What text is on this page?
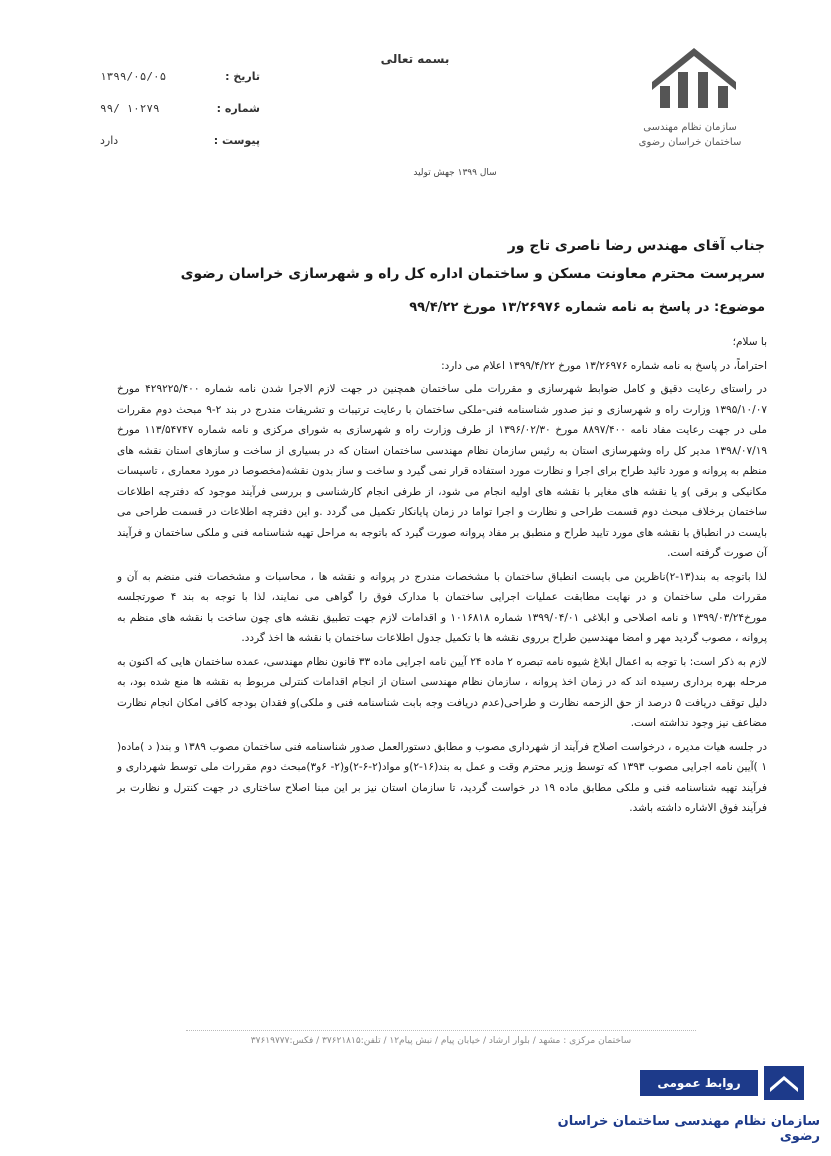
سازمان نظام مهندسی
ساختمان خراسان رضوی
بسمه تعالی
تاریخ :
۱۳۹۹/۰۵/۰۵
شماره :
۹۹/ ۱۰۲۷۹
پیوست :
دارد
سال ۱۳۹۹ جهش تولید
جناب آقای مهندس رضا ناصری تاج ور
سرپرست محترم معاونت مسکن و ساختمان اداره کل راه و شهرسازی خراسان رضوی
موضوع: در پاسخ به نامه شماره ۱۳/۲۶۹۷۶ مورخ ۹۹/۴/۲۲

با سلام؛

احتراماً، در پاسخ به نامه شماره ۱۳/۲۶۹۷۶ مورخ ۱۳۹۹/۴/۲۲ اعلام می دارد:

در راستای رعایت دقیق و کامل ضوابط شهرسازی و مقررات ملی ساختمان همچنین در جهت لازم الاجرا شدن نامه شماره ۴۲۹۲۲۵/۴۰۰ مورخ ۱۳۹۵/۱۰/۰۷ وزارت راه و شهرسازی و نیز صدور شناسنامه فنی-ملکی ساختمان با رعایت ترتیبات و تشریفات مندرج در بند ۲-۹ مبحث دوم مقررات ملی در جهت رعایت مفاد نامه ۸۸۹۷/۴۰۰ مورخ ۱۳۹۶/۰۲/۳۰ از طرف وزارت راه و شهرسازی به شورای مرکزی و نامه شماره ۱۱۳/۵۴۷۴۷ مورخ ۱۳۹۸/۰۷/۱۹ مدیر کل راه وشهرسازی استان به رئیس سازمان نظام مهندسی ساختمان استان که در بسیاری از ساخت و سازهای استان نقشه های منظم به پروانه و مورد تائید طراح برای اجرا و نظارت مورد استفاده قرار نمی گیرد و ساخت و ساز بدون نقشه(مخصوصا در مورد معماری ، تاسیسات مکانیکی و برقی )و یا نقشه های مغایر با نقشه های اولیه انجام می شود، از طرفی انجام کارشناسی و بررسی فرآیند موجود که دفترچه اطلاعات ساختمان برخلاف مبحث دوم قسمت طراحی و نظارت و اجرا تواما در زمان پایانکار تکمیل می گردد .و این دفترچه اطلاعات در قسمت طراحی می بایست در انطباق با نقشه های مورد تایید طراح و منطبق بر مفاد پروانه صورت گیرد که باتوجه به مراحل تهیه شناسنامه فنی و ملکی ساختمان و فرآیند آن صورت گرفته است.

لذا باتوجه به بند(۱۳-۲)ناظرین می بایست انطباق ساختمان با مشخصات مندرج در پروانه و نقشه ها ، محاسبات و مشخصات فنی منضم به آن و مقررات ملی ساختمان و در نهایت مطابقت عملیات اجرایی ساختمان با مدارک فوق را گواهی می نمایند، لذا با توجه به بند ۴ صورتجلسه مورخ۱۳۹۹/۰۳/۲۴ و نامه اصلاحی و ابلاغی ۱۳۹۹/۰۴/۰۱ شماره ۱۰۱۶۸۱۸ و اقدامات لازم جهت تطبیق نقشه های چون ساخت با نقشه های منظم به پروانه ، مصوب گردید مهر و امضا مهندسین طراح برروی نقشه ها با تکمیل جدول اطلاعات ساختمان با نقشه ها اخذ گردد.

لازم به ذکر است: با توجه به اعمال ابلاغ شیوه نامه تبصره ۲ ماده ۲۴ آیین نامه اجرایی ماده ۳۳ قانون نظام مهندسی، عمده ساختمان هایی که اکنون به مرحله بهره برداری رسیده اند که در زمان اخذ پروانه ، سازمان نظام مهندسی استان از انجام اقدامات کنترلی مربوط به نقشه ها منع شده بود، به دلیل توقف دریافت ۵ درصد از حق الزحمه نظارت و طراحی(عدم دریافت وجه بابت شناسنامه فنی و ملکی)و فقدان بودجه کافی امکان انجام نظارت مضاعف نیز وجود نداشته است.

در جلسه هیات مدیره ، درخواست اصلاح فرآیند از شهرداری مصوب و مطابق دستورالعمل صدور شناسنامه فنی ساختمان مصوب ۱۳۸۹ و بند( د )ماده( ۱ )آیین نامه اجرایی مصوب ۱۳۹۳ که توسط وزیر محترم وقت و عمل به بند(۱۶-۲)و مواد(۲-۶-۲)و(۲- ۶و۳)مبحث دوم مقررات ملی توسط شهرداری و فرآیند تهیه شناسنامه فنی و ملکی مطابق ماده ۱۹ در خواست گردید، تا سازمان استان نیز بر این مبنا اصلاح ساختاری در جهت کنترل و نظارت بر فرآیند فوق الاشاره داشته باشد.

ساختمان مرکزی : مشهد / بلوار ارشاد / خیابان پیام / نبش پیام۱۲ / تلفن:۳۷۶۲۱۸۱۵ / فکس:۳۷۶۱۹۷۷۷
روابط عمومی
سازمان نظام مهندسی ساختمان خراسان رضوی
